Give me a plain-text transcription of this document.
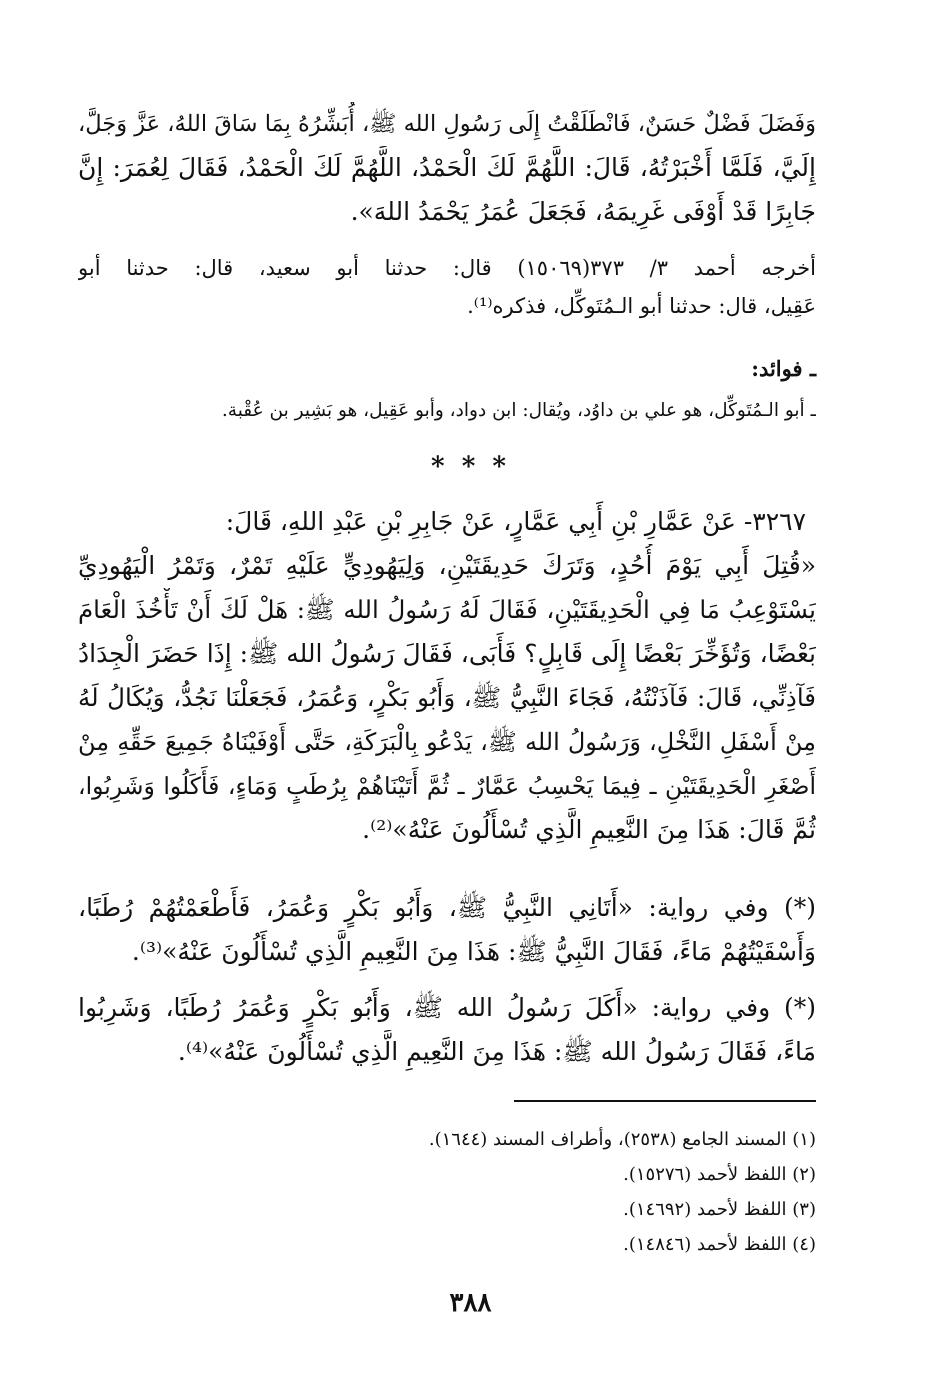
وَفَضَلَ فَضْلٌ حَسَنٌ، فَانْطَلَقْتُ إِلَى رَسُولِ الله ﷺ، أُبَشِّرُهُ بِمَا سَاقَ اللهُ، عَزَّ وَجَلَّ،
إِلَيَّ، فَلَمَّا أَخْبَرْتُهُ، قَالَ: اللَّهُمَّ لَكَ الْحَمْدُ، اللَّهُمَّ لَكَ الْحَمْدُ، فَقَالَ لِعُمَرَ: إِنَّ
جَابِرًا قَدْ أَوْفَى غَرِيمَهُ، فَجَعَلَ عُمَرُ يَحْمَدُ اللهَ».
أخرجه أحمد ٣/ ٣٧٣(١٥٠٦٩) قال: حدثنا أبو سعيد، قال: حدثنا أبو
عَقِيل، قال: حدثنا أبو الـمُتَوكِّل، فذكره⁽¹⁾.
ـ فوائد:
ـ أبو الـمُتَوكِّل، هو علي بن داوُد، ويُقال: ابن دواد، وأبو عَقِيل، هو بَشِير بن عُقْبة.
* * *
٣٢٦٧- عَنْ عَمَّارِ بْنِ أَبِي عَمَّارٍ، عَنْ جَابِرِ بْنِ عَبْدِ اللهِ، قَالَ:
«قُتِلَ أَبِي يَوْمَ أُحُدٍ، وَتَرَكَ حَدِيقَتَيْنِ، وَلِيَهُودِيٍّ عَلَيْهِ تَمْرٌ، وَتَمْرُ الْيَهُودِيِّ
يَسْتَوْعِبُ مَا فِي الْحَدِيقَتَيْنِ، فَقَالَ لَهُ رَسُولُ الله ﷺ: هَلْ لَكَ أَنْ تَأْخُذَ الْعَامَ
بَعْضًا، وَتُؤَخِّرَ بَعْضًا إِلَى قَابِلٍ؟ فَأَبَى، فَقَالَ رَسُولُ الله ﷺ: إِذَا حَضَرَ الْجِدَادُ
فَآذِنِّي، قَالَ: فَآذَنْتُهُ، فَجَاءَ النَّبِيُّ ﷺ، وَأَبُو بَكْرٍ، وَعُمَرُ، فَجَعَلْنَا نَجُدُّ، وَيُكَالُ لَهُ
مِنْ أَسْفَلِ النَّخْلِ، وَرَسُولُ الله ﷺ، يَدْعُو بِالْبَرَكَةِ، حَتَّى أَوْفَيْنَاهُ جَمِيعَ حَقِّهِ مِنْ
أَصْغَرِ الْحَدِيقَتَيْنِ ـ فِيمَا يَحْسِبُ عَمَّارٌ ـ ثُمَّ أَتَيْنَاهُمْ بِرُطَبٍ وَمَاءٍ، فَأَكَلُوا وَشَرِبُوا،
ثُمَّ قَالَ: هَذَا مِنَ النَّعِيمِ الَّذِي تُسْأَلُونَ عَنْهُ»⁽²⁾.
(*) وفي رواية: «أَتَانِي النَّبِيُّ ﷺ، وَأَبُو بَكْرٍ وَعُمَرُ، فَأَطْعَمْتُهُمْ رُطَبًا،
وَأَسْقَيْتُهُمْ مَاءً، فَقَالَ النَّبِيُّ ﷺ: هَذَا مِنَ النَّعِيمِ الَّذِي تُسْأَلُونَ عَنْهُ»⁽³⁾.
(*) وفي رواية: «أَكَلَ رَسُولُ الله ﷺ، وَأَبُو بَكْرٍ وَعُمَرُ رُطَبًا، وَشَرِبُوا
مَاءً، فَقَالَ رَسُولُ الله ﷺ: هَذَا مِنَ النَّعِيمِ الَّذِي تُسْأَلُونَ عَنْهُ»⁽⁴⁾.
(١) المسند الجامع (٢٥٣٨)، وأطراف المسند (١٦٤٤).
(٢) اللفظ لأحمد (١٥٢٧٦).
(٣) اللفظ لأحمد (١٤٦٩٢).
(٤) اللفظ لأحمد (١٤٨٤٦).
٣٨٨
